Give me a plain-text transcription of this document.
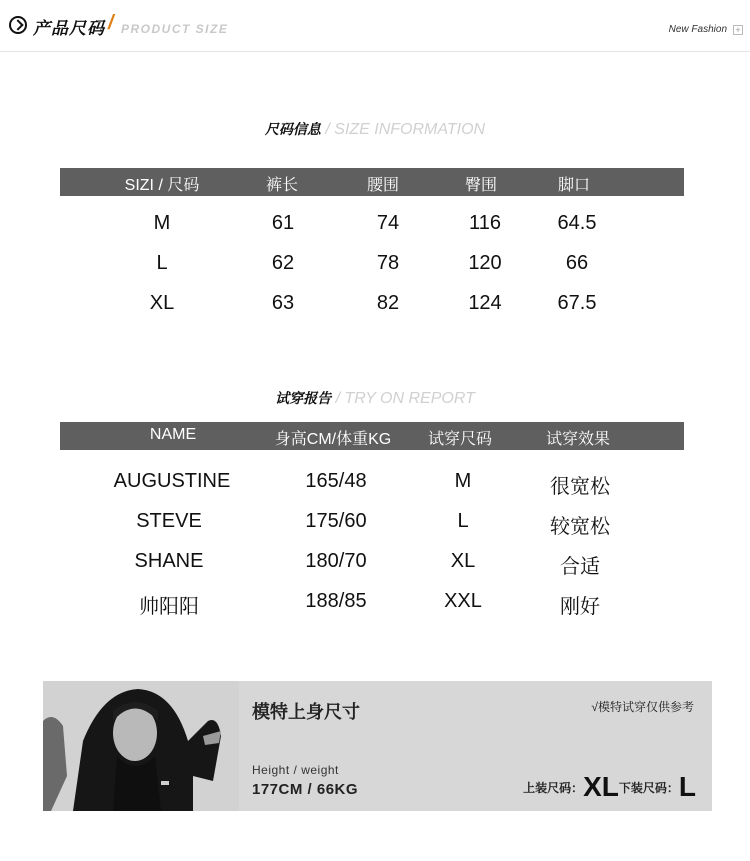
产品尺码 / PRODUCT SIZE	New Fashion +
尺码信息 / SIZE INFORMATION
SIZI / 尺码	裤长	腰围	臀围	脚口
M	61	74	116	64.5
L	62	78	120	66
XL	63	82	124	67.5
试穿报告 / TRY ON REPORT
NAME	身高CM/体重KG 试穿尺码	试穿效果
AUGUSTINE	165/48	M	很宽松
STEVE	175/60	L	较宽松
SHANE	180/70	XL	合适
帅阳阳	188/85	XXL	刚好
模特上身尺寸	√模特试穿仅供参考
Height / weight
177CM / 66KG	上装尺码：XL下装尺码：L
